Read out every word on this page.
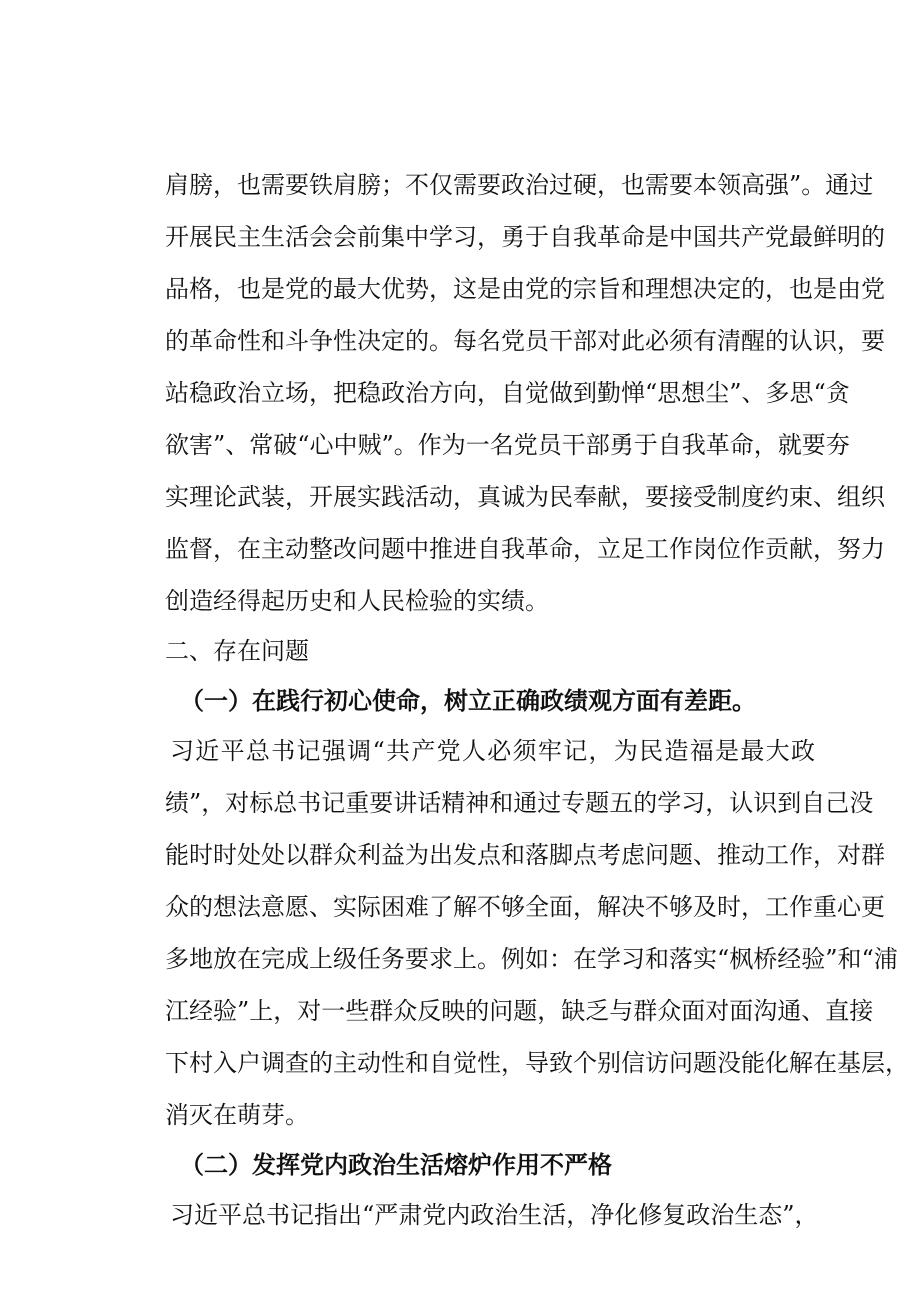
肩膀，也需要铁肩膀；不仅需要政治过硬，也需要本领高强”。通过
开展民主生活会会前集中学习，勇于自我革命是中国共产党最鲜明的
品格，也是党的最大优势，这是由党的宗旨和理想决定的，也是由党
的革命性和斗争性决定的。每名党员干部对此必须有清醒的认识，要
站稳政治立场，把稳政治方向，自觉做到勤惮“思想尘”、多思“贪
欲害”、常破“心中贼”。作为一名党员干部勇于自我革命，就要夯
实理论武装，开展实践活动，真诚为民奉献，要接受制度约束、组织
监督，在主动整改问题中推进自我革命，立足工作岗位作贡献，努力
创造经得起历史和人民检验的实绩。
二、存在问题
（一）在践行初心使命，树立正确政绩观方面有差距。
习近平总书记强调“共产党人必须牢记，为民造福是最大政
绩”，对标总书记重要讲话精神和通过专题五的学习，认识到自己没
能时时处处以群众利益为出发点和落脚点考虑问题、推动工作，对群
众的想法意愿、实际困难了解不够全面，解决不够及时，工作重心更
多地放在完成上级任务要求上。例如：在学习和落实“枫桥经验”和“浦
江经验”上，对一些群众反映的问题，缺乏与群众面对面沟通、直接
下村入户调查的主动性和自觉性，导致个别信访问题没能化解在基层，
消灭在萌芽。
（二）发挥党内政治生活熔炉作用不严格
习近平总书记指出“严肃党内政治生活，净化修复政治生态”，
